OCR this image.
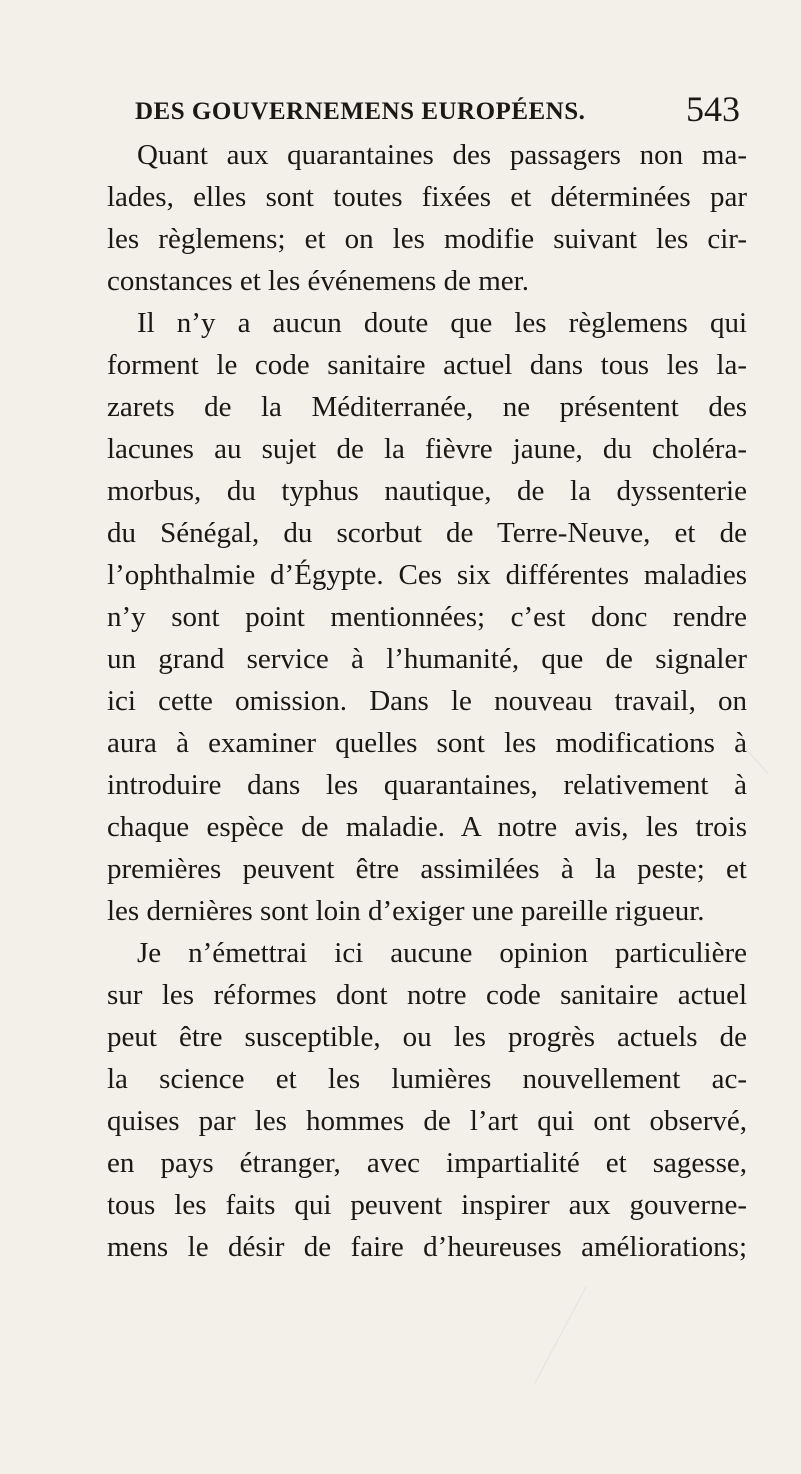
DES GOUVERNEMENS EUROPÉENS.	543
Quant aux quarantaines des passagers non ma-
lades, elles sont toutes fixées et déterminées par
les règlemens; et on les modifie suivant les cir-
constances et les événemens de mer.
Il n’y a aucun doute que les règlemens qui
forment le code sanitaire actuel dans tous les la-
zarets de la Méditerranée, ne présentent des
lacunes au sujet de la fièvre jaune, du choléra-
morbus, du typhus nautique, de la dyssenterie
du Sénégal, du scorbut de Terre-Neuve, et de
l’ophthalmie d’Égypte. Ces six différentes maladies
n’y sont point mentionnées; c’est donc rendre
un grand service à l’humanité, que de signaler
ici cette omission. Dans le nouveau travail, on
aura à examiner quelles sont les modifications à
introduire dans les quarantaines, relativement à
chaque espèce de maladie. A notre avis, les trois
premières peuvent être assimilées à la peste; et
les dernières sont loin d’exiger une pareille rigueur.
Je n’émettrai ici aucune opinion particulière
sur les réformes dont notre code sanitaire actuel
peut être susceptible, ou les progrès actuels de
la science et les lumières nouvellement ac-
quises par les hommes de l’art qui ont observé,
en pays étranger, avec impartialité et sagesse,
tous les faits qui peuvent inspirer aux gouverne-
mens le désir de faire d’heureuses améliorations;
